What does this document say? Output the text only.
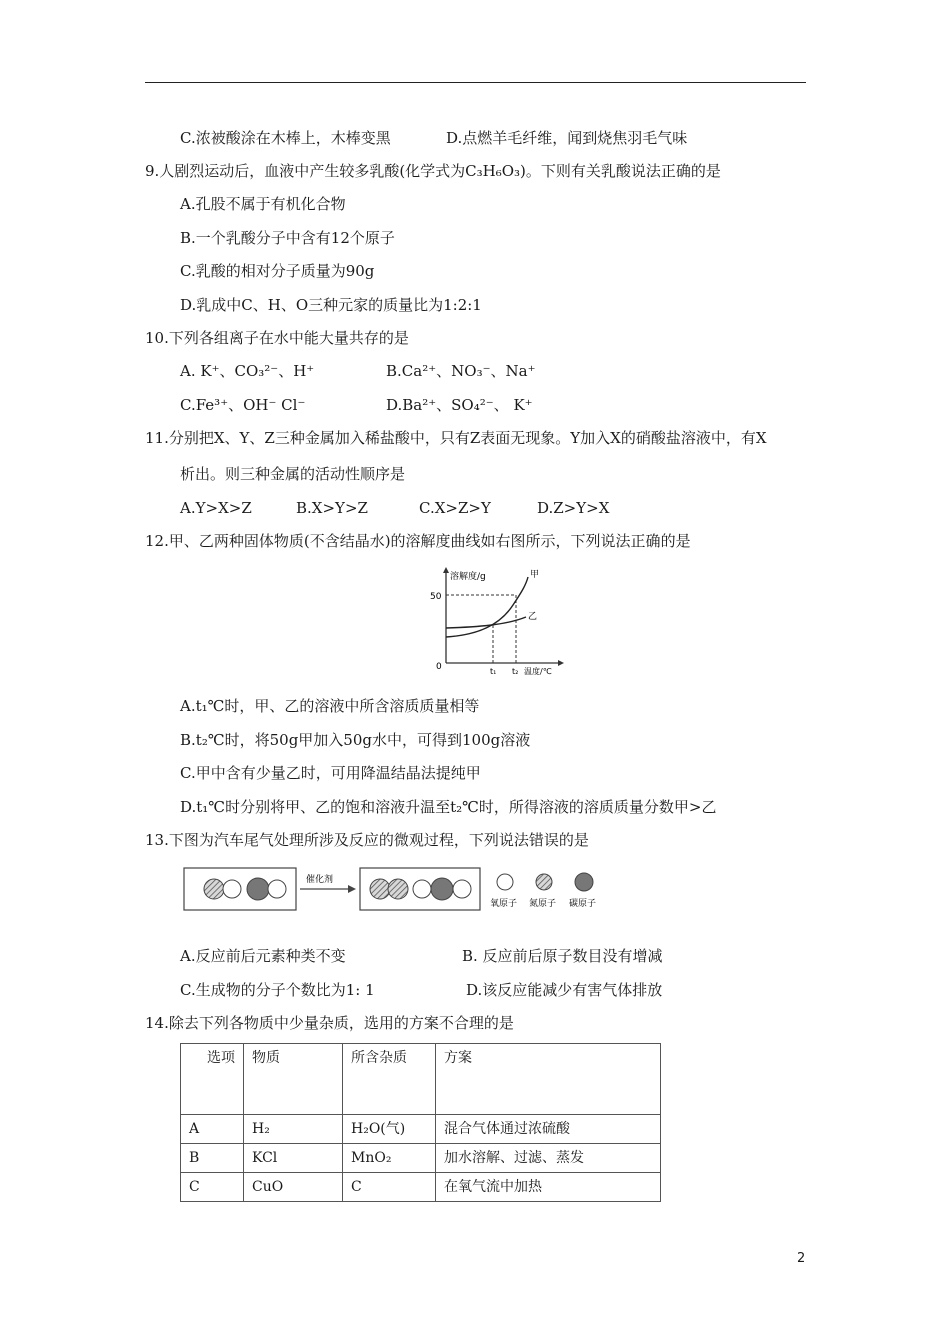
C.浓被酸涂在木棒上，木棒变黑	D.点燃羊毛纤维，闻到烧焦羽毛气味
9.人剧烈运动后，血液中产生较多乳酸(化学式为C₃H₆O₃)。下则有关乳酸说法正确的是
A.孔股不属于有机化合物
B.一个乳酸分子中含有12个原子
C.乳酸的相对分子质量为90g
D.乳成中C、H、O三种元家的质量比为1:2:1
10.下列各组离子在水中能大量共存的是
A. K⁺、CO₃²⁻、H⁺	B.Ca²⁺、NO₃⁻、Na⁺
C.Fe³⁺、OH⁻ Cl⁻	D.Ba²⁺、SO₄²⁻、 K⁺
11.分别把X、Y、Z三种金属加入稀盐酸中，只有Z表面无现象。Y加入X的硝酸盐溶液中，有X
析出。则三种金属的活动性顺序是
A.Y>X>Z	B.X>Y>Z	C.X>Z>Y	D.Z>Y>X
12.甲、乙两种固体物质(不含结晶水)的溶解度曲线如右图所示，下列说法正确的是
溶解度/g
50
0	t₁ t₂ 温度/℃
甲
乙
A.t₁℃时，甲、乙的溶液中所含溶质质量相等
B.t₂℃时，将50g甲加入50g水中，可得到100g溶液
C.甲中含有少量乙时，可用降温结晶法提纯甲
D.t₁℃时分别将甲、乙的饱和溶液升温至t₂℃时，所得溶液的溶质质量分数甲>乙
13.下图为汽车尾气处理所涉及反应的微观过程，下列说法错误的是
催化剂
氧原子 氮原子 碳原子
A.反应前后元素种类不变	B. 反应前后原子数目没有增减
C.生成物的分子个数比为1: 1	D.该反应能减少有害气体排放
14.除去下列各物质中少量杂质，选用的方案不合理的是
选项	物质	所含杂质	方案
A	H₂	H₂O(气)	混合气体通过浓硫酸
B	KCl	MnO₂	加水溶解、过滤、蒸发
C	CuO	C	在氧气流中加热
2
